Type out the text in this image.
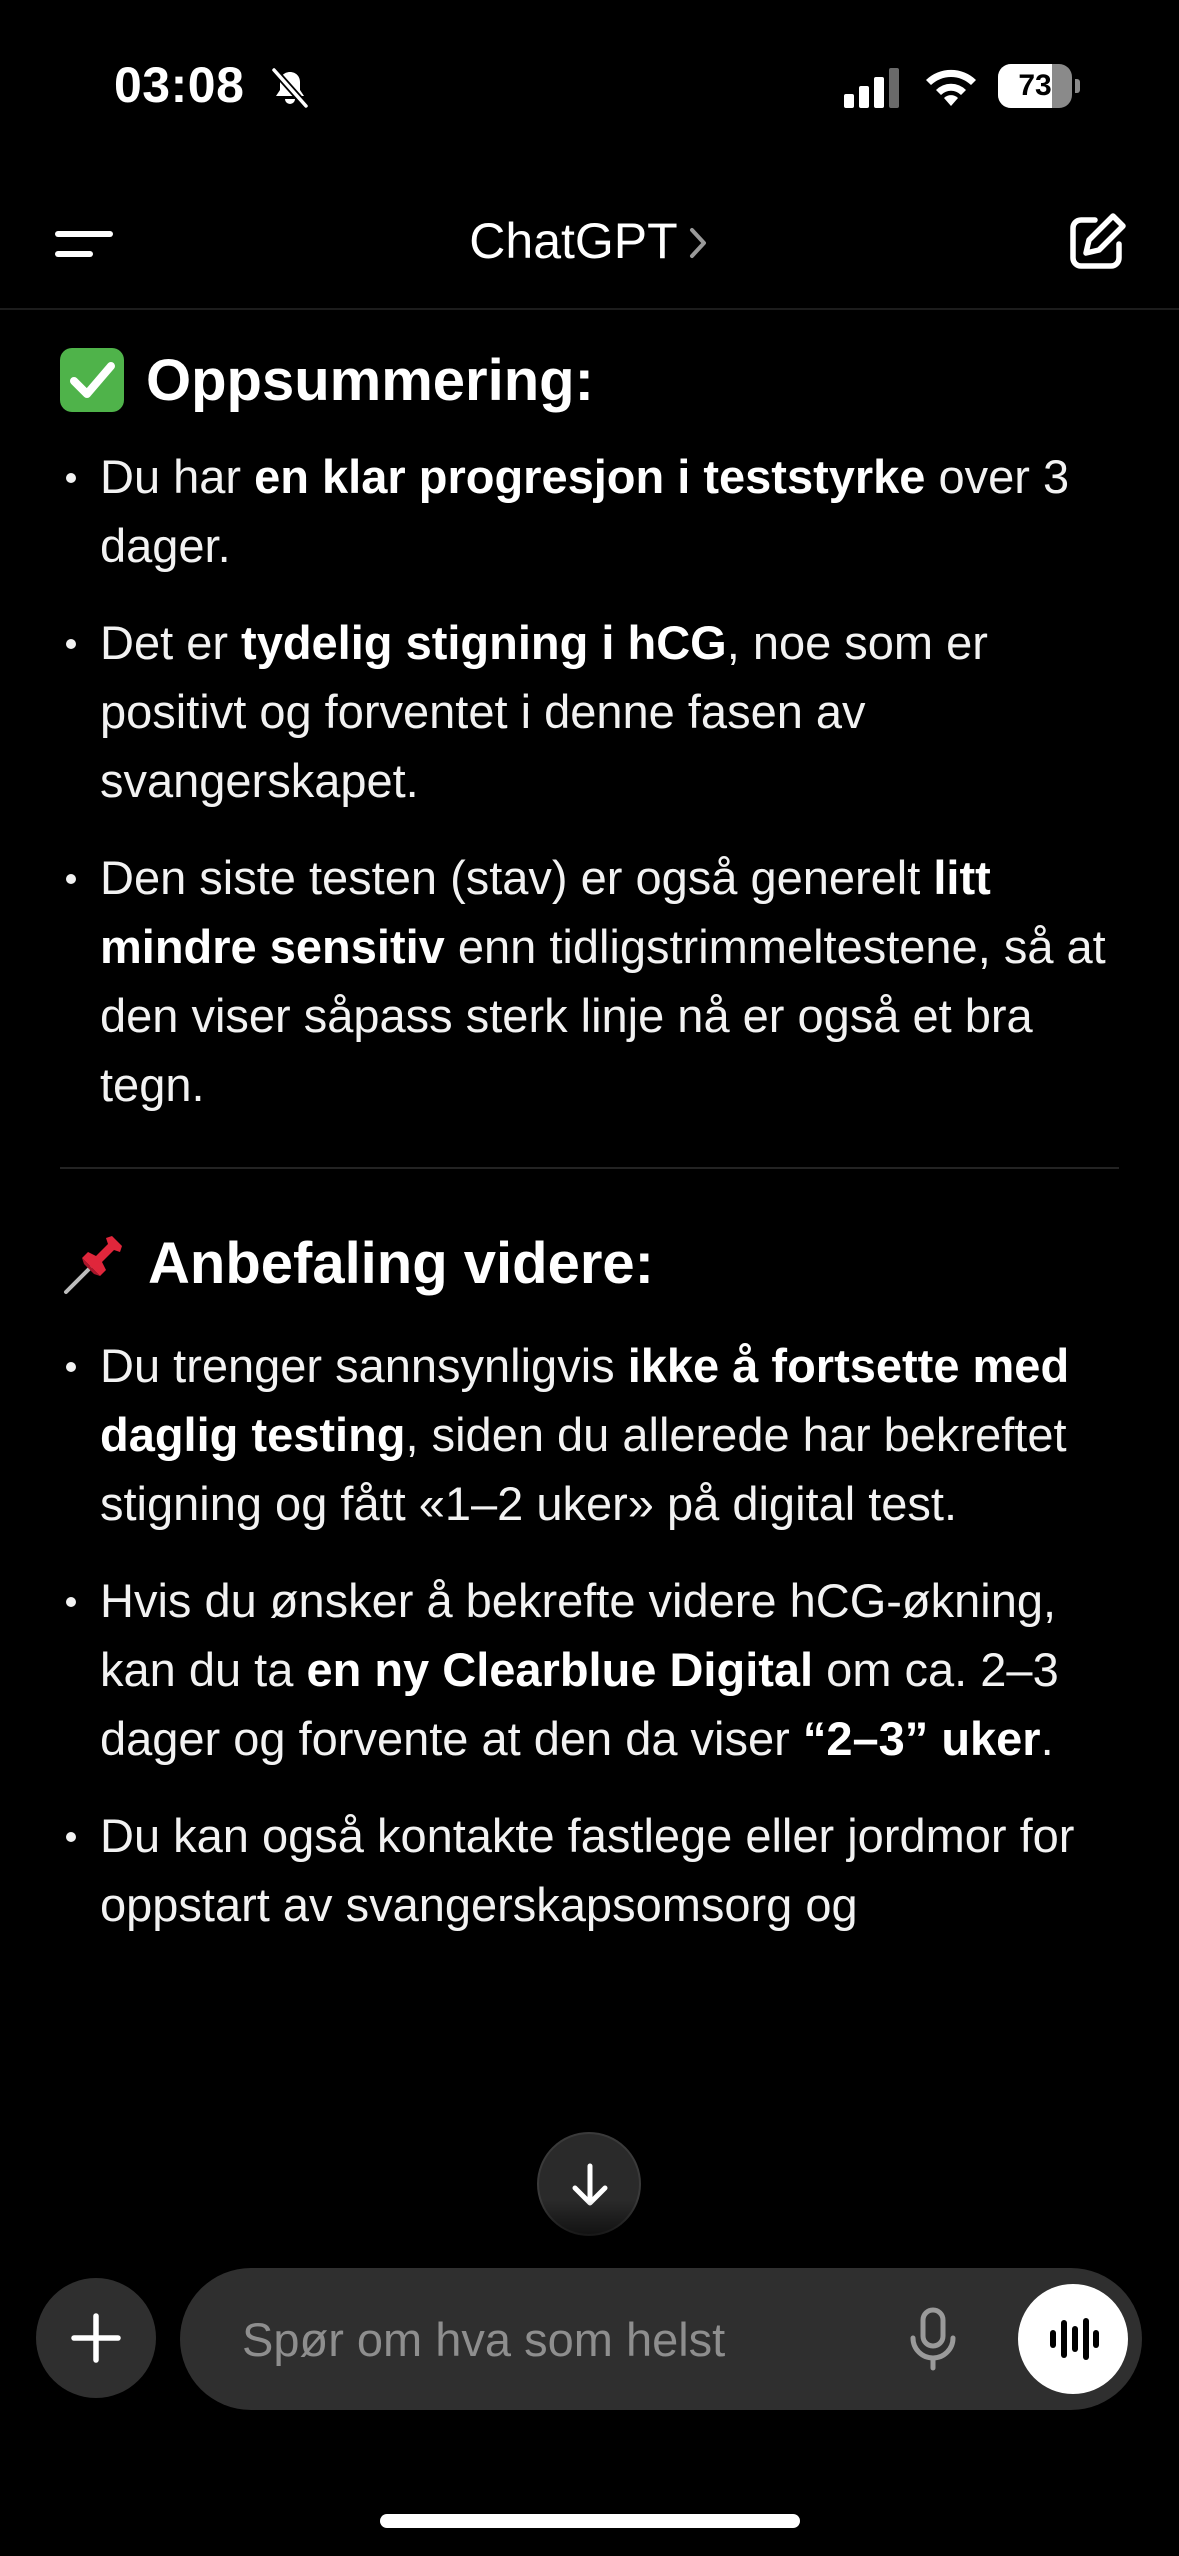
03:08	73
ChatGPT
Oppsummering:
Du har en klar progresjon i teststyrke over 3 dager.
Det er tydelig stigning i hCG, noe som er positivt og forventet i denne fasen av svangerskapet.
Den siste testen (stav) er også generelt litt mindre sensitiv enn tidligstrimmeltestene, så at den viser såpass sterk linje nå er også et bra tegn.
Anbefaling videre:
Du trenger sannsynligvis ikke å fortsette med daglig testing, siden du allerede har bekreftet stigning og fått «1–2 uker» på digital test.
Hvis du ønsker å bekrefte videre hCG-økning, kan du ta en ny Clearblue Digital om ca. 2–3 dager og forvente at den da viser “2–3” uker.
Du kan også kontakte fastlege eller jordmor for oppstart av svangerskapsomsorg og
Spør om hva som helst
